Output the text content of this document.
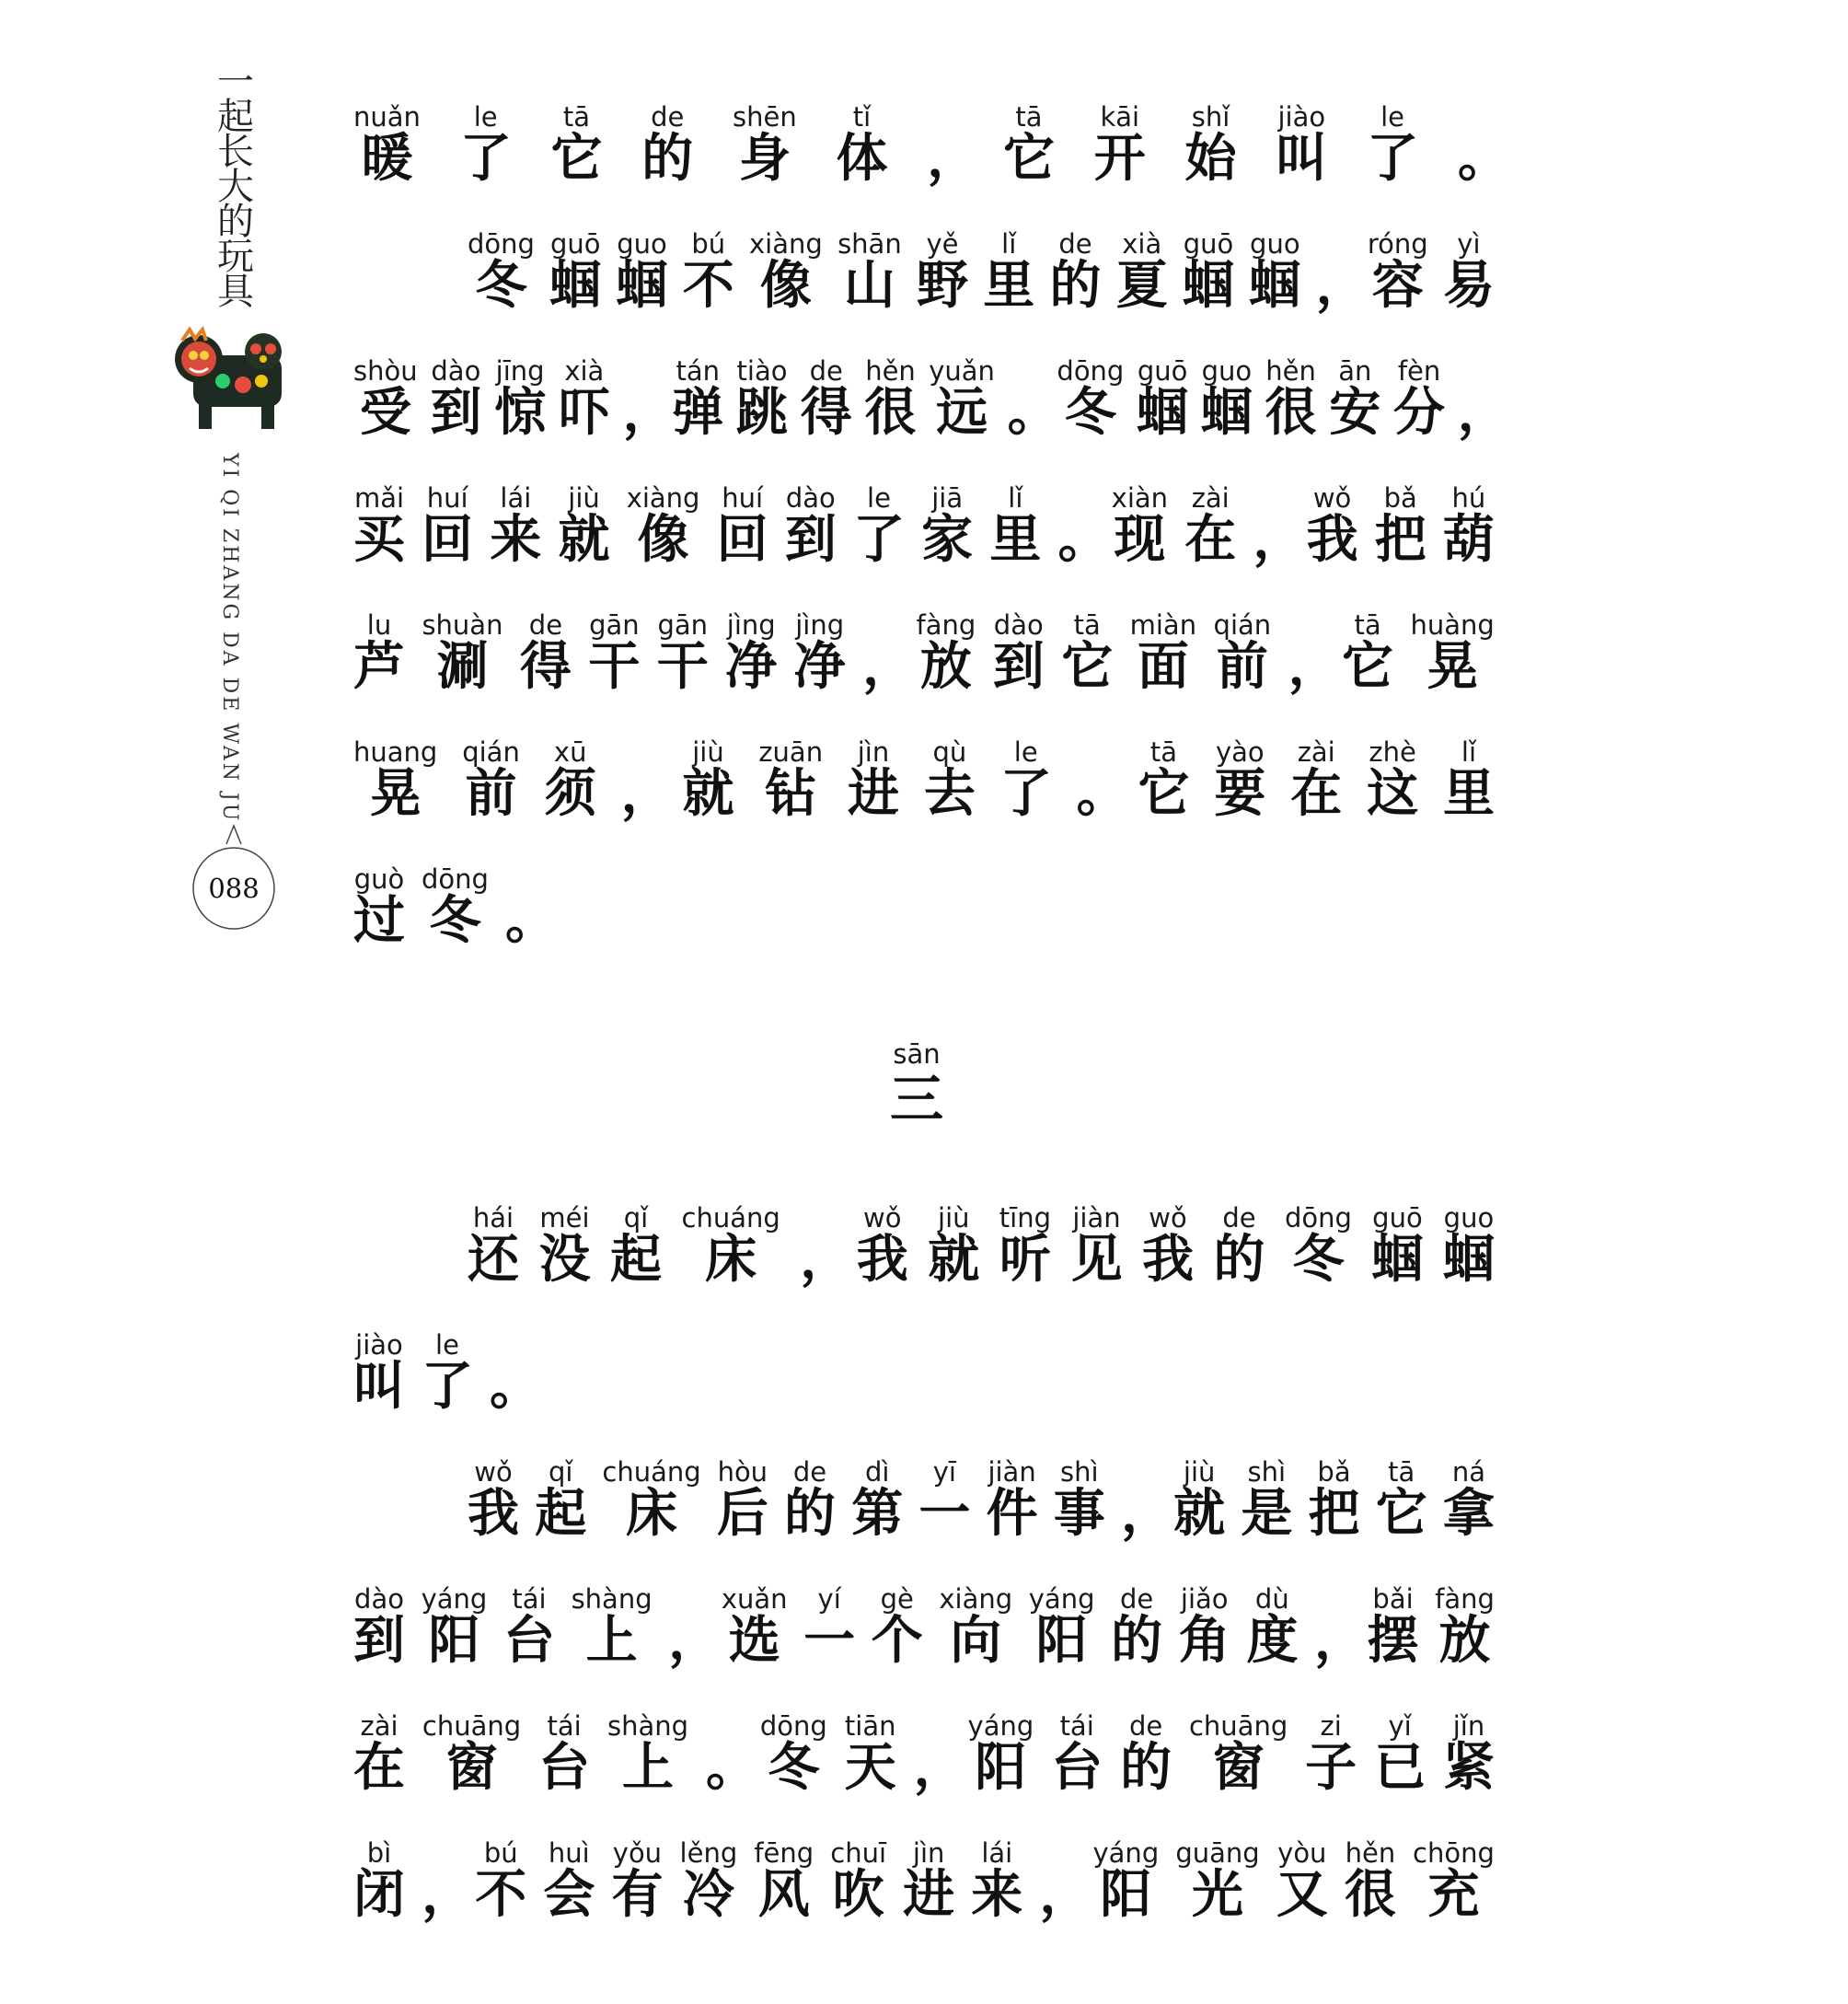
一
起
长
大
的
玩
具
YI QI ZHANG DA DE WAN JU
088
nuǎn
暖
le
了
tā
它
de
的
shēn
身
tǐ
体 ，
tā
它
kāi
开
shǐ
始
jiào
叫
le
了 。
dōng
冬
guō
蝈
guo
蝈
bú
不
xiàng
像
shān
山
yě
野
lǐ
里
de
的
xià
夏
guō
蝈
guo
蝈 ，
róng
容
yì
易
shòu
受
dào
到
jīng
惊
xià
吓 ，
tán
弹
tiào
跳
de
得
hěn
很
yuǎn
远 。
dōng
冬
guō
蝈
guo
蝈
hěn
很
ān
安
fèn
分 ，
mǎi
买
huí
回
lái
来
jiù
就
xiàng
像
huí
回
dào
到
le
了
jiā
家
lǐ
里 。
xiàn
现
zài
在 ，
wǒ
我
bǎ
把
hú
葫
lu
芦
shuàn
涮
de
得
gān
干
gān
干
jìng
净
jìng
净 ，
fàng
放
dào
到
tā
它
miàn
面
qián
前 ，
tā
它
huàng
晃
huang
晃
qián
前
xū
须 ，
jiù
就
zuān
钻
jìn
进
qù
去
le
了 。
tā
它
yào
要
zài
在
zhè
这
lǐ
里
guò
过
dōng
冬 。
sān
三
hái
还
méi
没
qǐ
起
chuáng
床 ，
wǒ
我
jiù
就
tīng
听
jiàn
见
wǒ
我
de
的
dōng
冬
guō
蝈
guo
蝈
jiào
叫
le
了 。
wǒ
我
qǐ
起
chuáng
床
hòu
后
de
的
dì
第
yī
一
jiàn
件
shì
事 ，
jiù
就
shì
是
bǎ
把
tā
它
ná
拿
dào
到
yáng
阳
tái
台
shàng
上 ，
xuǎn
选
yí
一
gè
个
xiàng
向
yáng
阳
de
的
jiǎo
角
dù
度 ，
bǎi
摆
fàng
放
zài
在
chuāng
窗
tái
台
shàng
上 。
dōng
冬
tiān
天 ，
yáng
阳
tái
台
de
的
chuāng
窗
zi
子
yǐ
已
jǐn
紧
bì
闭 ，
bú
不
huì
会
yǒu
有
lěng
冷
fēng
风
chuī
吹
jìn
进
lái
来 ，
yáng
阳
guāng
光
yòu
又
hěn
很
chōng
充
